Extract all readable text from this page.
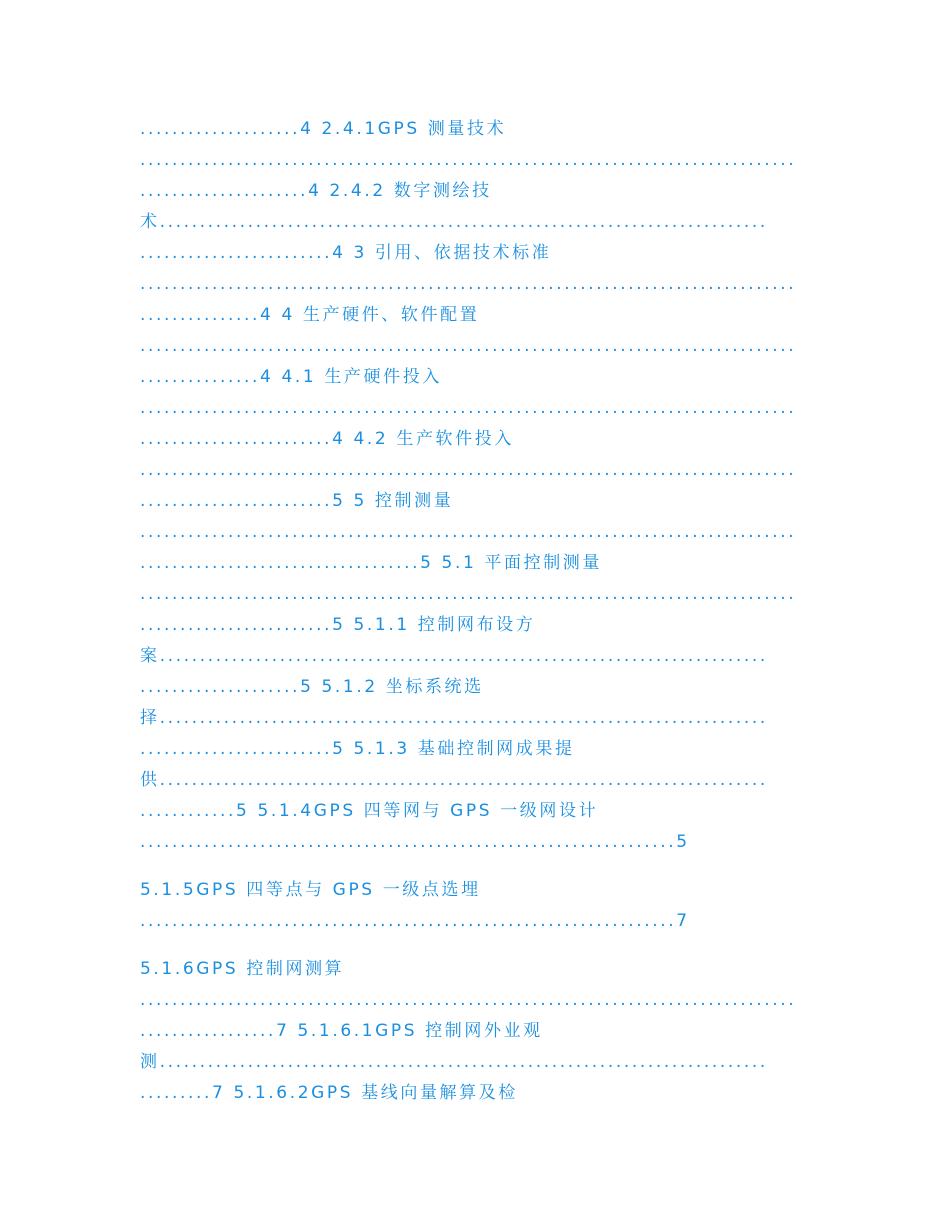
....................4 2.4.1GPS 测量技术
..................................................................................
.....................4 2.4.2 数字测绘技
术............................................................................
........................4 3 引用、依据技术标准
..................................................................................
...............4 4 生产硬件、软件配置
..................................................................................
...............4 4.1 生产硬件投入
..................................................................................
........................4 4.2 生产软件投入
..................................................................................
........................5 5 控制测量
..................................................................................
...................................5 5.1 平面控制测量
..................................................................................
........................5 5.1.1 控制网布设方
案............................................................................
....................5 5.1.2 坐标系统选
择............................................................................
........................5 5.1.3 基础控制网成果提
供............................................................................
............5 5.1.4GPS 四等网与 GPS 一级网设计
...................................................................5
5.1.5GPS 四等点与 GPS 一级点选埋
...................................................................7
5.1.6GPS 控制网测算
..................................................................................
.................7 5.1.6.1GPS 控制网外业观
测............................................................................
.........7 5.1.6.2GPS 基线向量解算及检
